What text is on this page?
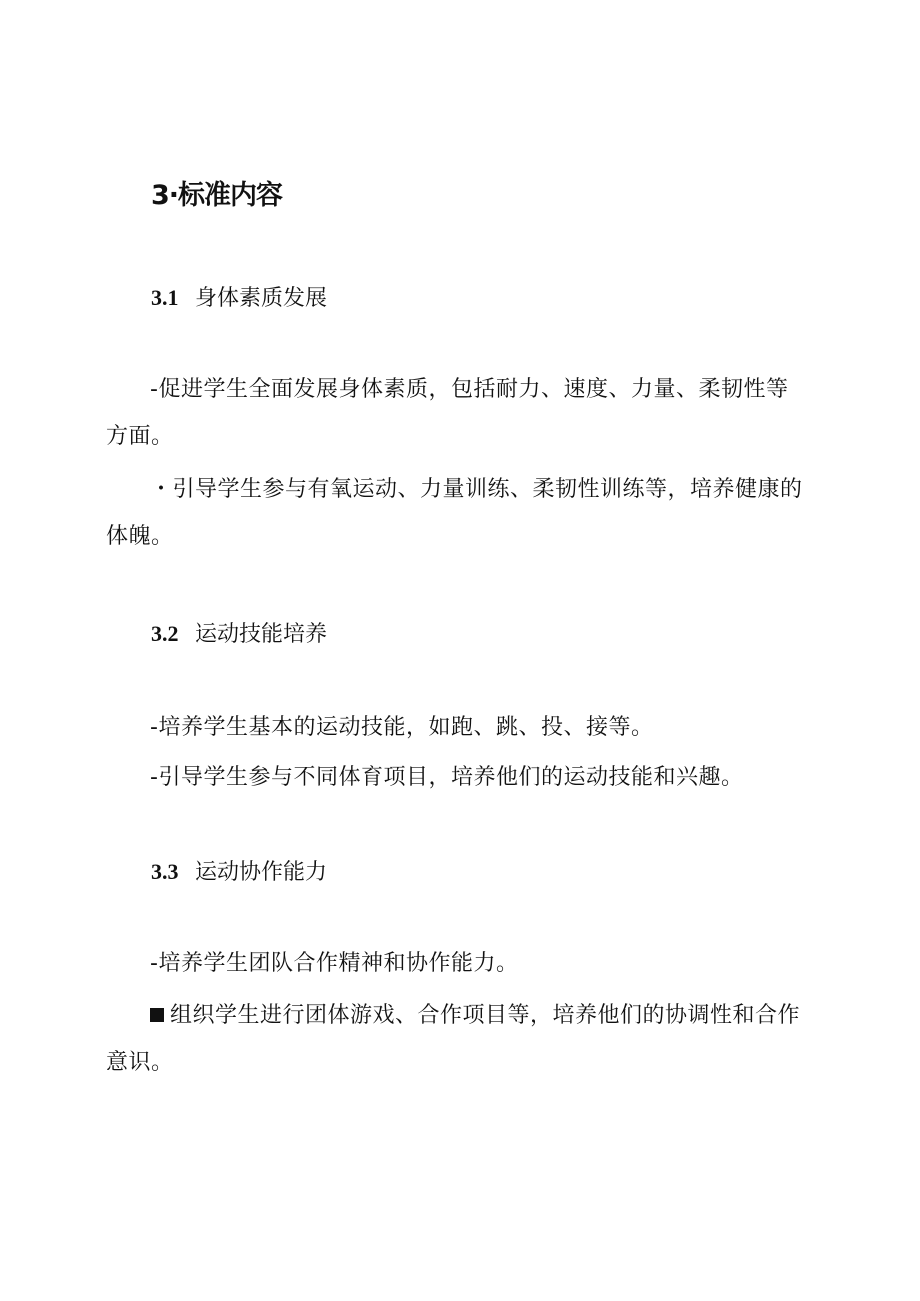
3·标准内容
3.1 身体素质发展
-促进学生全面发展身体素质，包括耐力、速度、力量、柔韧性等方面。
・引导学生参与有氧运动、力量训练、柔韧性训练等，培养健康的体魄。
3.2 运动技能培养
-培养学生基本的运动技能，如跑、跳、投、接等。
-引导学生参与不同体育项目，培养他们的运动技能和兴趣。
3.3 运动协作能力
-培养学生团队合作精神和协作能力。
组织学生进行团体游戏、合作项目等，培养他们的协调性和合作意识。
